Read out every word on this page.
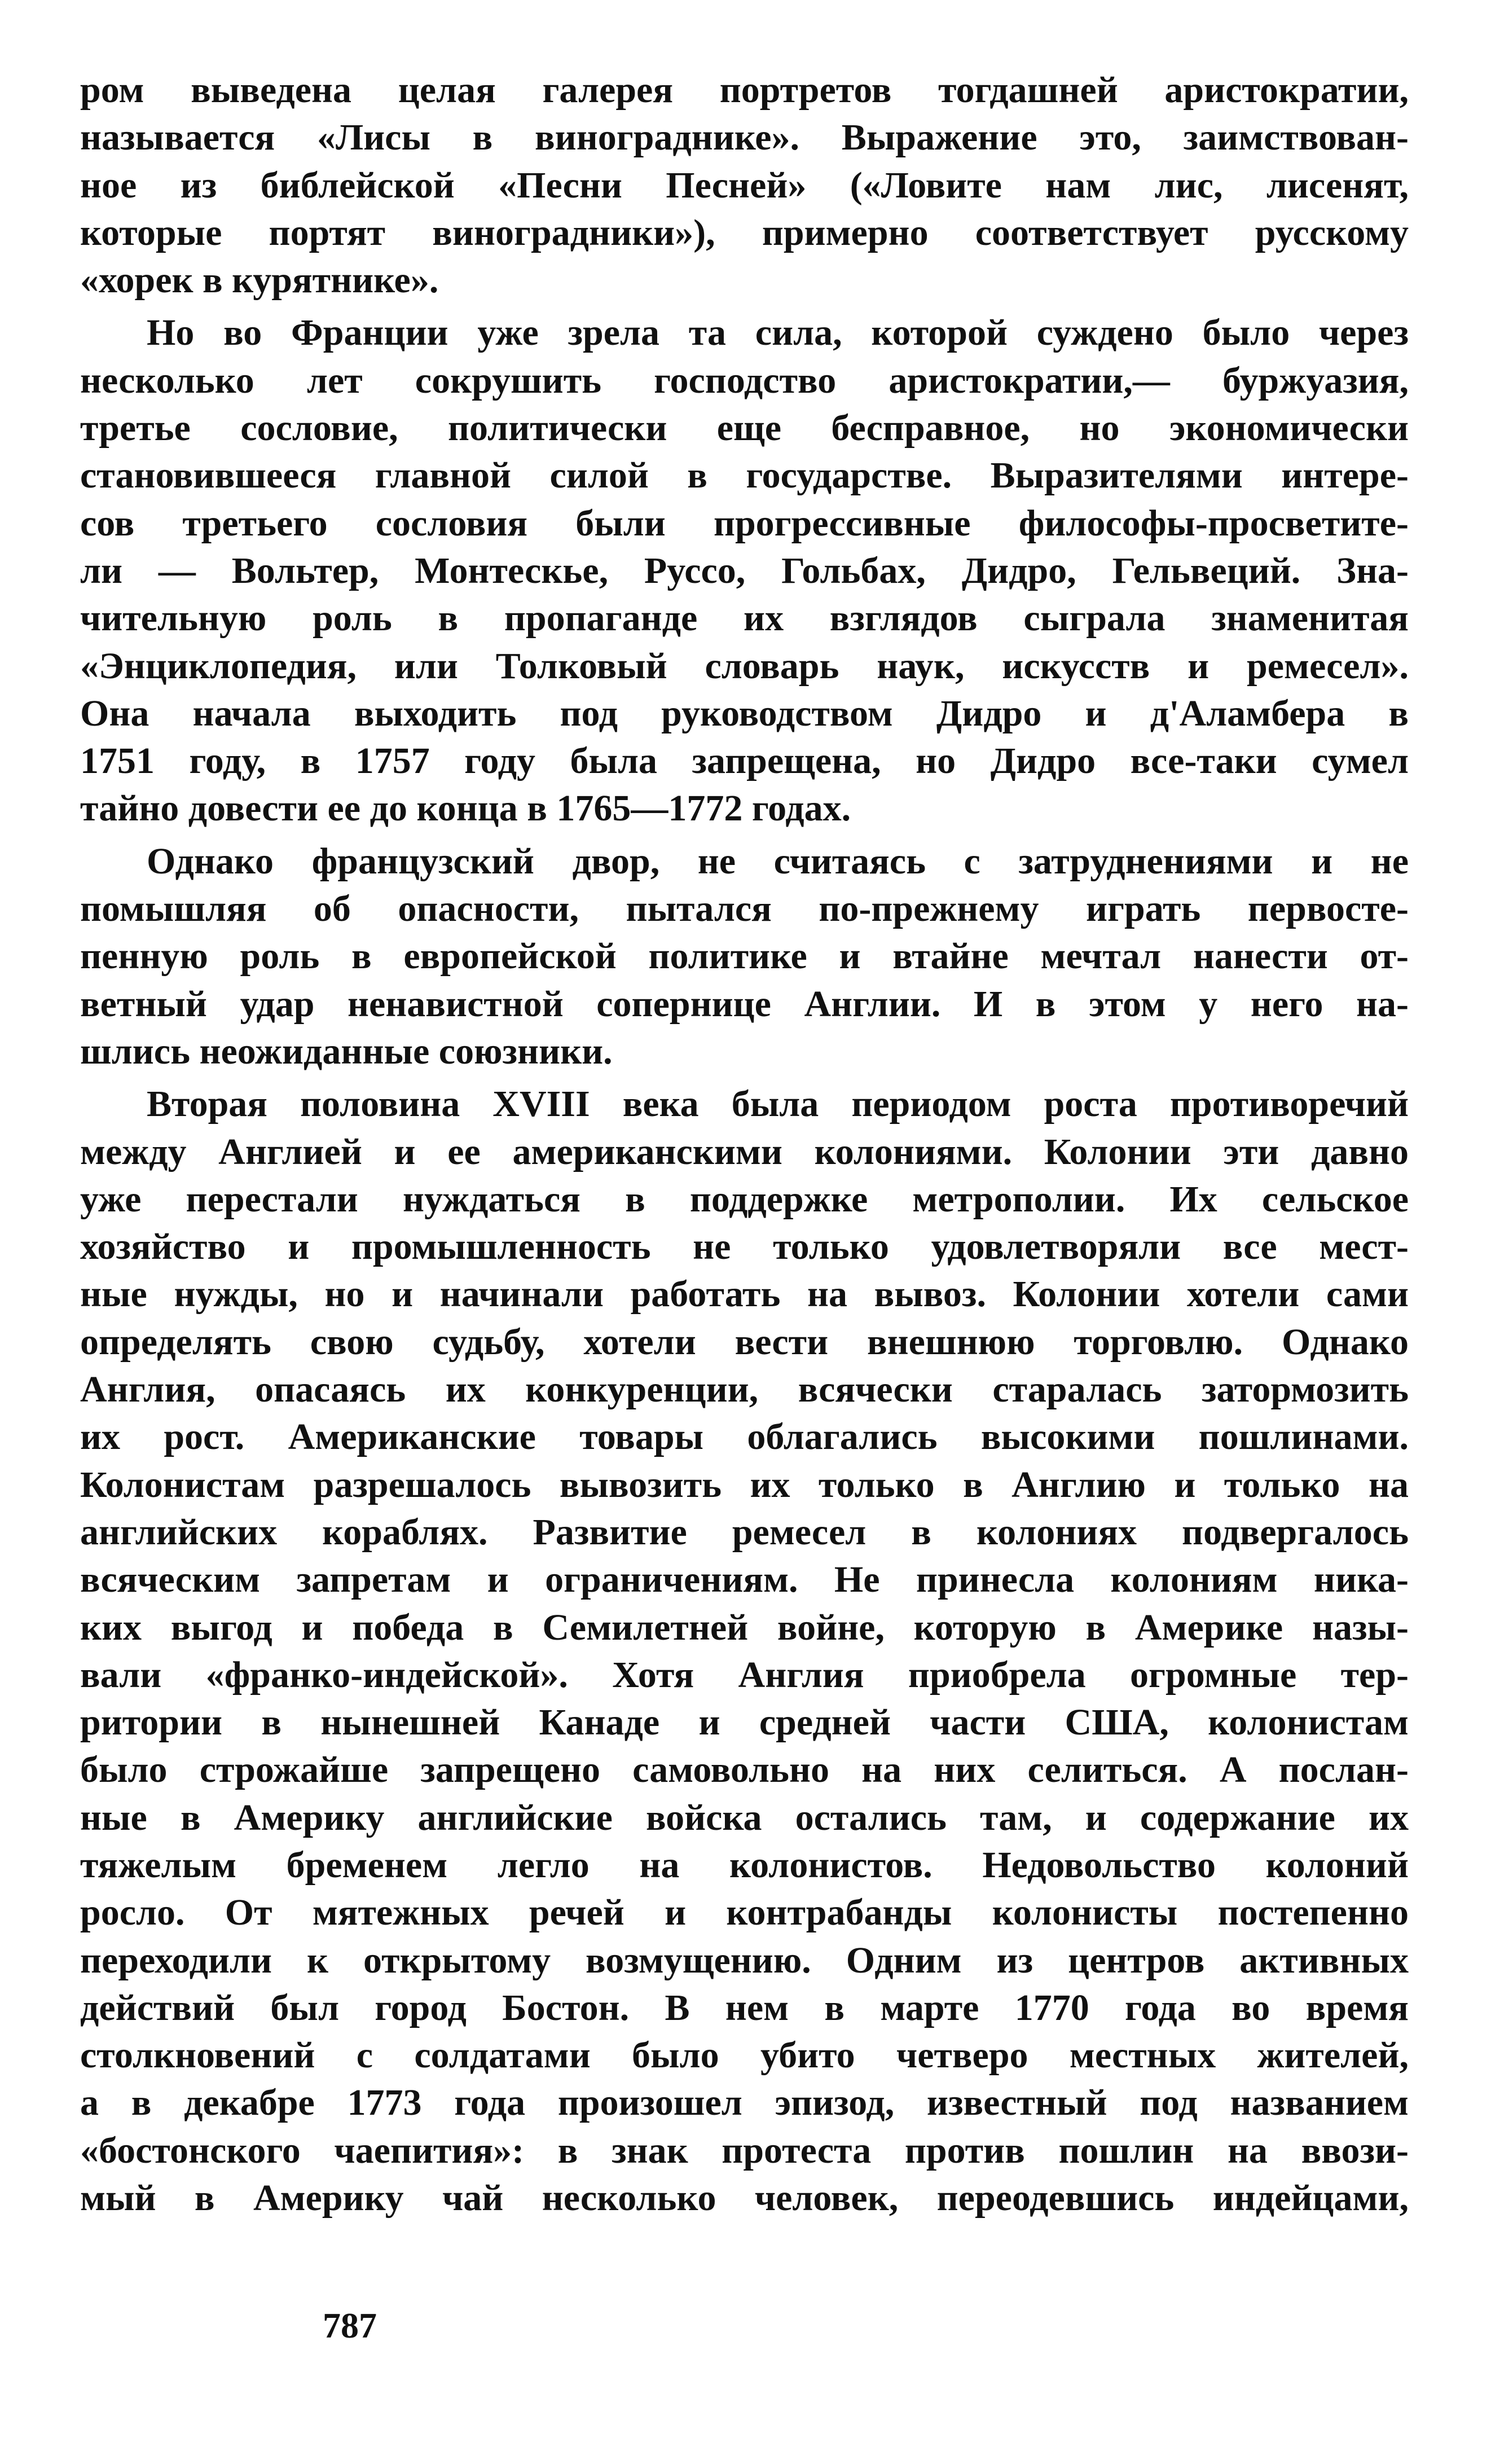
ром выведена целая галерея портретов тогдашней аристократии,
называется «Лисы в винограднике». Выражение это, заимствован-
ное из библейской «Песни Песней» («Ловите нам лис, лисенят,
которые портят виноградники»), примерно соответствует русскому
«хорек в курятнике».
Но во Франции уже зрела та сила, которой суждено было через
несколько лет сокрушить господство аристократии,— буржуазия,
третье сословие, политически еще бесправное, но экономически
становившееся главной силой в государстве. Выразителями интере-
сов третьего сословия были прогрессивные философы-просветите-
ли — Вольтер, Монтескье, Руссо, Гольбах, Дидро, Гельвеций. Зна-
чительную роль в пропаганде их взглядов сыграла знаменитая
«Энциклопедия, или Толковый словарь наук, искусств и ремесел».
Она начала выходить под руководством Дидро и д'Аламбера в
1751 году, в 1757 году была запрещена, но Дидро все-таки сумел
тайно довести ее до конца в 1765—1772 годах.
Однако французский двор, не считаясь с затруднениями и не
помышляя об опасности, пытался по-прежнему играть первосте-
пенную роль в европейской политике и втайне мечтал нанести от-
ветный удар ненавистной сопернице Англии. И в этом у него на-
шлись неожиданные союзники.
Вторая половина XVIII века была периодом роста противоречий
между Англией и ее американскими колониями. Колонии эти давно
уже перестали нуждаться в поддержке метрополии. Их сельское
хозяйство и промышленность не только удовлетворяли все мест-
ные нужды, но и начинали работать на вывоз. Колонии хотели сами
определять свою судьбу, хотели вести внешнюю торговлю. Однако
Англия, опасаясь их конкуренции, всячески старалась затормозить
их рост. Американские товары облагались высокими пошлинами.
Колонистам разрешалось вывозить их только в Англию и только на
английских кораблях. Развитие ремесел в колониях подвергалось
всяческим запретам и ограничениям. Не принесла колониям ника-
ких выгод и победа в Семилетней войне, которую в Америке назы-
вали «франко-индейской». Хотя Англия приобрела огромные тер-
ритории в нынешней Канаде и средней части США, колонистам
было строжайше запрещено самовольно на них селиться. А послан-
ные в Америку английские войска остались там, и содержание их
тяжелым бременем легло на колонистов. Недовольство колоний
росло. От мятежных речей и контрабанды колонисты постепенно
переходили к открытому возмущению. Одним из центров активных
действий был город Бостон. В нем в марте 1770 года во время
столкновений с солдатами было убито четверо местных жителей,
а в декабре 1773 года произошел эпизод, известный под названием
«бостонского чаепития»: в знак протеста против пошлин на ввози-
мый в Америку чай несколько человек, переодевшись индейцами,
787
